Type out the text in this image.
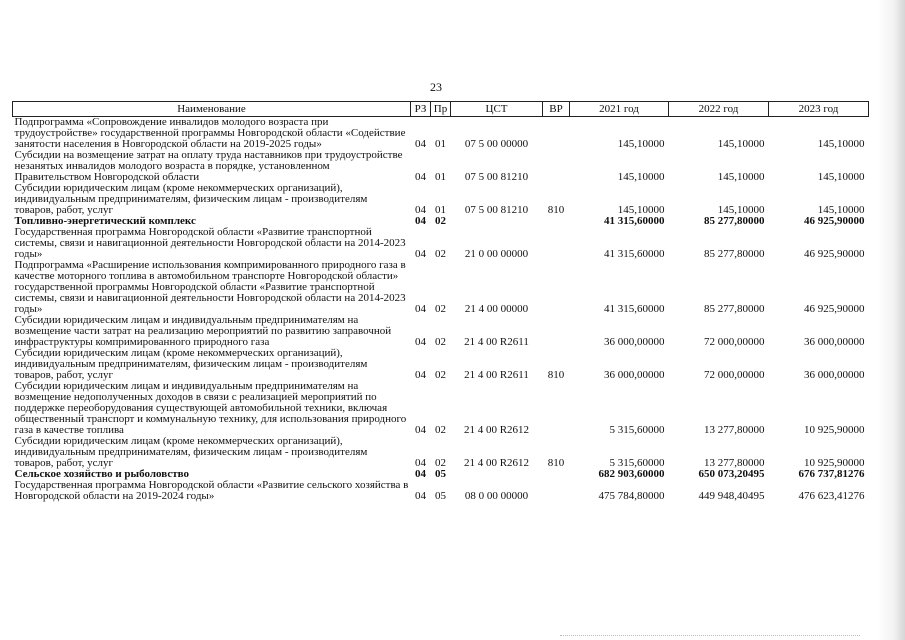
23
Наименование	РЗ	Пр	ЦСТ	ВР	2021 год	2022 год	2023 год
Подпрограмма «Сопровождение инвалидов молодого возраста при трудоустройстве» государственной программы Новгородской области «Содействие занятости населения в Новгородской области на 2019-2025 годы»	04	01	07 5 00 00000		145,10000	145,10000	145,10000
Субсидии на возмещение затрат на оплату труда наставников при трудоустройстве незанятых инвалидов молодого возраста в порядке, установленном Правительством Новгородской области	04	01	07 5 00 81210		145,10000	145,10000	145,10000
Субсидии юридическим лицам (кроме некоммерческих организаций), индивидуальным предпринимателям, физическим лицам - производителям товаров, работ, услуг	04	01	07 5 00 81210	810	145,10000	145,10000	145,10000
Топливно-энергетический комплекс	04	02			41 315,60000	85 277,80000	46 925,90000
Государственная программа Новгородской области «Развитие транспортной системы, связи и навигационной деятельности Новгородской области на 2014-2023 годы»	04	02	21 0 00 00000		41 315,60000	85 277,80000	46 925,90000
Подпрограмма «Расширение использования компримированного природного газа в качестве моторного топлива в автомобильном транспорте Новгородской области» государственной программы Новгородской области «Развитие транспортной системы, связи и навигационной деятельности Новгородской области на 2014-2023 годы»	04	02	21 4 00 00000		41 315,60000	85 277,80000	46 925,90000
Субсидии юридическим лицам и индивидуальным предпринимателям на возмещение части затрат на реализацию мероприятий по развитию заправочной инфраструктуры компримированного природного газа	04	02	21 4 00 R2611		36 000,00000	72 000,00000	36 000,00000
Субсидии юридическим лицам (кроме некоммерческих организаций), индивидуальным предпринимателям, физическим лицам - производителям товаров, работ, услуг	04	02	21 4 00 R2611	810	36 000,00000	72 000,00000	36 000,00000
Субсидии юридическим лицам и индивидуальным предпринимателям на возмещение недополученных доходов в связи с реализацией мероприятий по поддержке переоборудования существующей автомобильной техники, включая общественный транспорт и коммунальную технику, для использования природного газа в качестве топлива	04	02	21 4 00 R2612		5 315,60000	13 277,80000	10 925,90000
Субсидии юридическим лицам (кроме некоммерческих организаций), индивидуальным предпринимателям, физическим лицам - производителям товаров, работ, услуг	04	02	21 4 00 R2612	810	5 315,60000	13 277,80000	10 925,90000
Сельское хозяйство и рыболовство	04	05			682 903,60000	650 073,20495	676 737,81276
Государственная программа Новгородской области «Развитие сельского хозяйства в Новгородской области на 2019-2024 годы»	04	05	08 0 00 00000		475 784,80000	449 948,40495	476 623,41276
